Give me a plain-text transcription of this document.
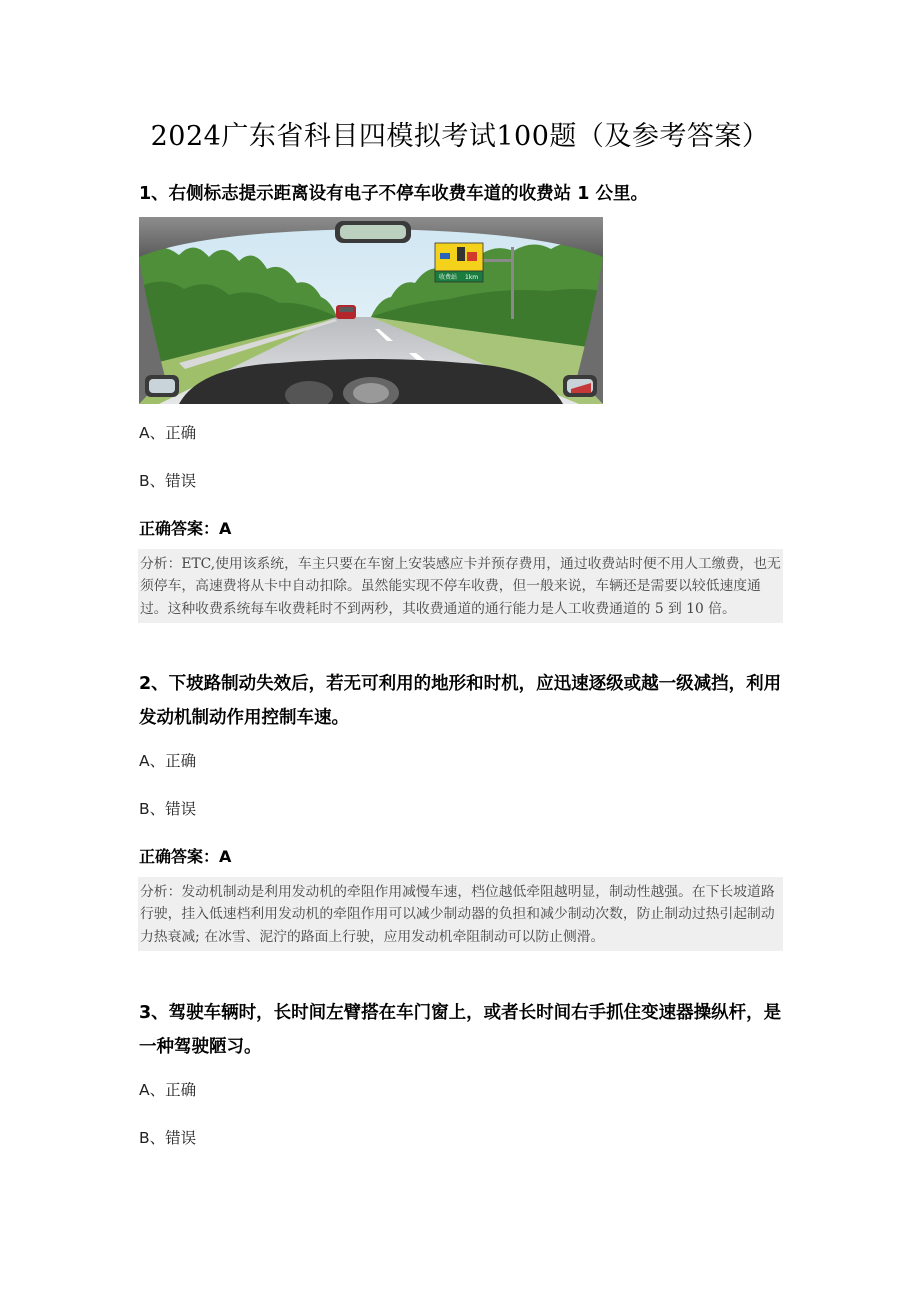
2024广东省科目四模拟考试100题（及参考答案）
1、右侧标志提示距离设有电子不停车收费车道的收费站 1 公里。
收费站 1km
A、正确
B、错误
正确答案：A
分析：ETC,使用该系统，车主只要在车窗上安装感应卡并预存费用，通过收费站时便不用人工缴费，也无须停车，高速费将从卡中自动扣除。虽然能实现不停车收费，但一般来说，车辆还是需要以较低速度通过。这种收费系统每车收费耗时不到两秒，其收费通道的通行能力是人工收费通道的 5 到 10 倍。
2、下坡路制动失效后，若无可利用的地形和时机，应迅速逐级或越一级减挡，利用发动机制动作用控制车速。
A、正确
B、错误
正确答案：A
分析：发动机制动是利用发动机的牵阻作用减慢车速，档位越低牵阻越明显，制动性越强。在下长坡道路行驶，挂入低速档利用发动机的牵阻作用可以减少制动器的负担和减少制动次数，防止制动过热引起制动力热衰减; 在冰雪、泥泞的路面上行驶，应用发动机牵阻制动可以防止侧滑。
3、驾驶车辆时，长时间左臂搭在车门窗上，或者长时间右手抓住变速器操纵杆，是一种驾驶陋习。
A、正确
B、错误
